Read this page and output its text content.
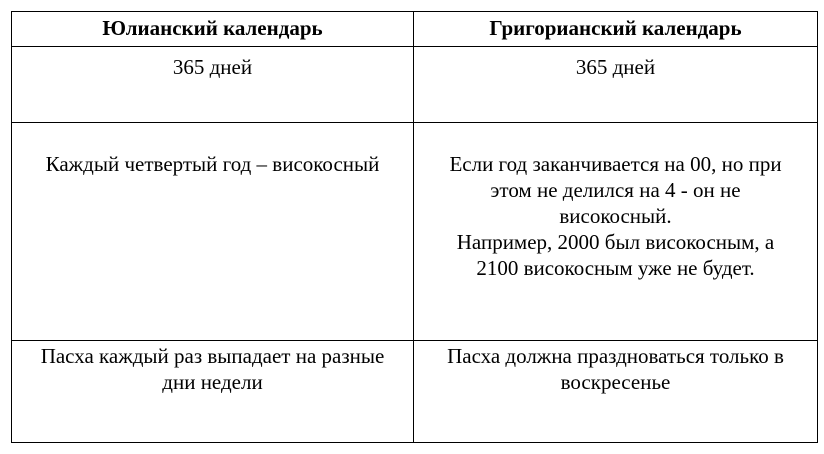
Юлианский календарь	Григорианский календарь

365 дней	365 дней

Каждый четвертый год – високосный	Если год заканчивается на 00, но при
этом не делился на 4 - он не
високосный.
Например, 2000 был високосным, а
2100 високосным уже не будет.

Пасха каждый раз выпадает на разные
дни недели	Пасха должна праздноваться только в
воскресенье
